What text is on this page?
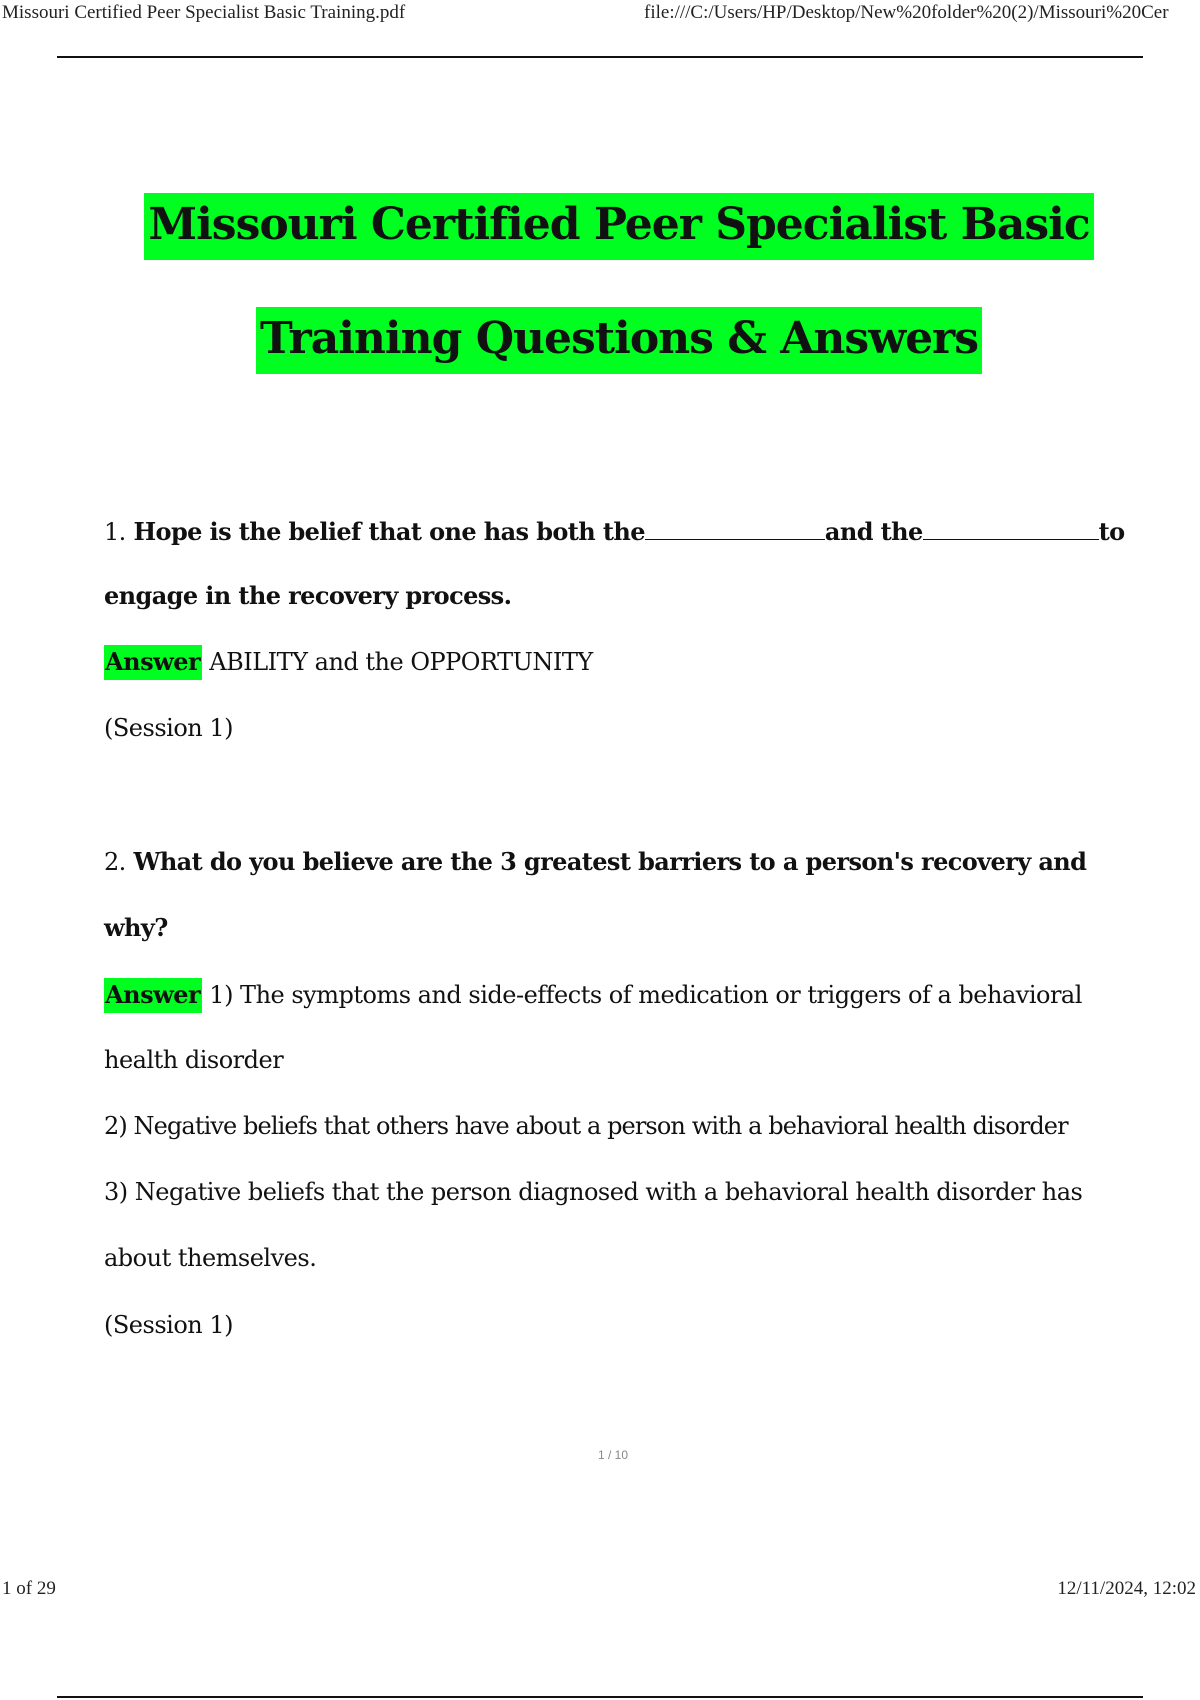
Missouri Certified Peer Specialist Basic Training.pdf	file:///C:/Users/HP/Desktop/New%20folder%20(2)/Missouri%20Cer
Missouri Certified Peer Specialist Basic
Training Questions & Answers
1. Hope is the belief that one has both the	and the	to
engage in the recovery process.
Answer ABILITY and the OPPORTUNITY
(Session 1)
2. What do you believe are the 3 greatest barriers to a person's recovery and
why?
Answer 1) The symptoms and side-effects of medication or triggers of a behavioral
health disorder
2) Negative beliefs that others have about a person with a behavioral health disorder
3) Negative beliefs that the person diagnosed with a behavioral health disorder has
about themselves.
(Session 1)
1 / 10
1 of 29	12/11/2024, 12:02
